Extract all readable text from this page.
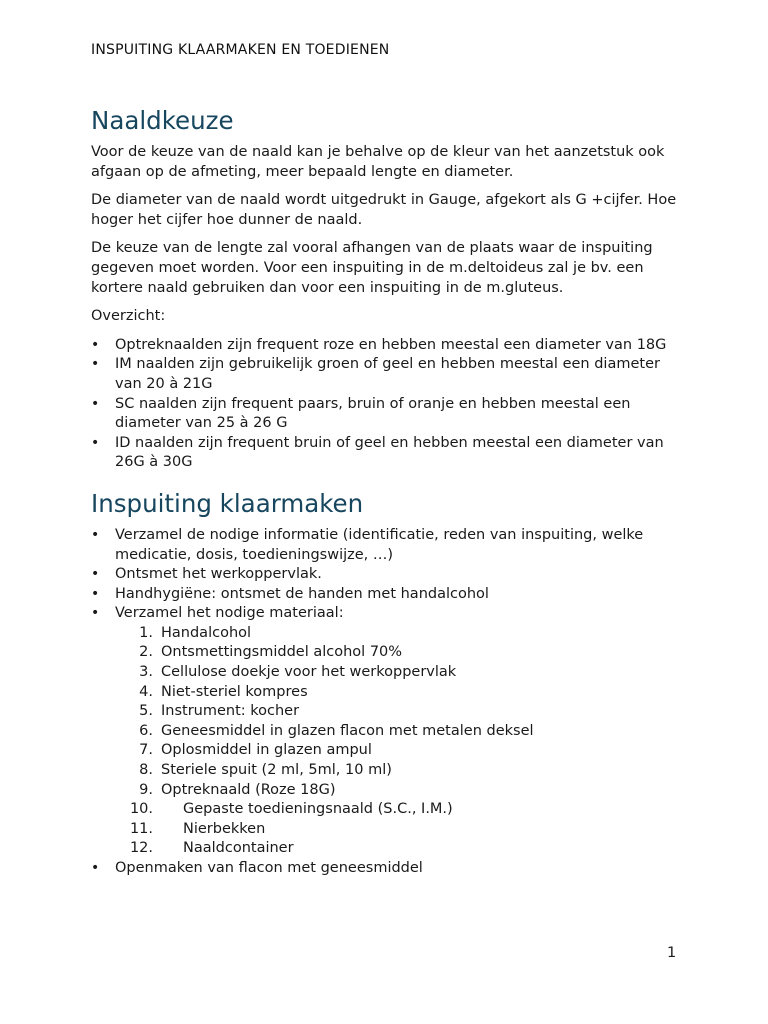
INSPUITING KLAARMAKEN EN TOEDIENEN
Naaldkeuze

Voor de keuze van de naald kan je behalve op de kleur van het aanzetstuk ook afgaan op de afmeting, meer bepaald lengte en diameter.

De diameter van de naald wordt uitgedrukt in Gauge, afgekort als G +cijfer. Hoe hoger het cijfer hoe dunner de naald.

De keuze van de lengte zal vooral afhangen van de plaats waar de inspuiting gegeven moet worden. Voor een inspuiting in de m.deltoideus zal je bv. een kortere naald gebruiken dan voor een inspuiting in de m.gluteus.

Overzicht:

• Optreknaalden zijn frequent roze en hebben meestal een diameter van 18G
• IM naalden zijn gebruikelijk groen of geel en hebben meestal een diameter van 20 à 21G
• SC naalden zijn frequent paars, bruin of oranje en hebben meestal een diameter van 25 à 26 G
• ID naalden zijn frequent bruin of geel en hebben meestal een diameter van 26G à 30G
Inspuiting klaarmaken
• Verzamel de nodige informatie (identificatie, reden van inspuiting, welke medicatie, dosis, toedieningswijze, …)
• Ontsmet het werkoppervlak.
• Handhygiëne: ontsmet de handen met handalcohol
• Verzamel het nodige materiaal:
1. Handalcohol
2. Ontsmettingsmiddel alcohol 70%
3. Cellulose doekje voor het werkoppervlak
4. Niet-steriel kompres
5. Instrument: kocher
6. Geneesmiddel in glazen flacon met metalen deksel
7. Oplosmiddel in glazen ampul
8. Steriele spuit (2 ml, 5ml, 10 ml)
9. Optreknaald (Roze 18G)
10. Gepaste toedieningsnaald (S.C., I.M.)
11. Nierbekken
12. Naaldcontainer
• Openmaken van flacon met geneesmiddel
1
